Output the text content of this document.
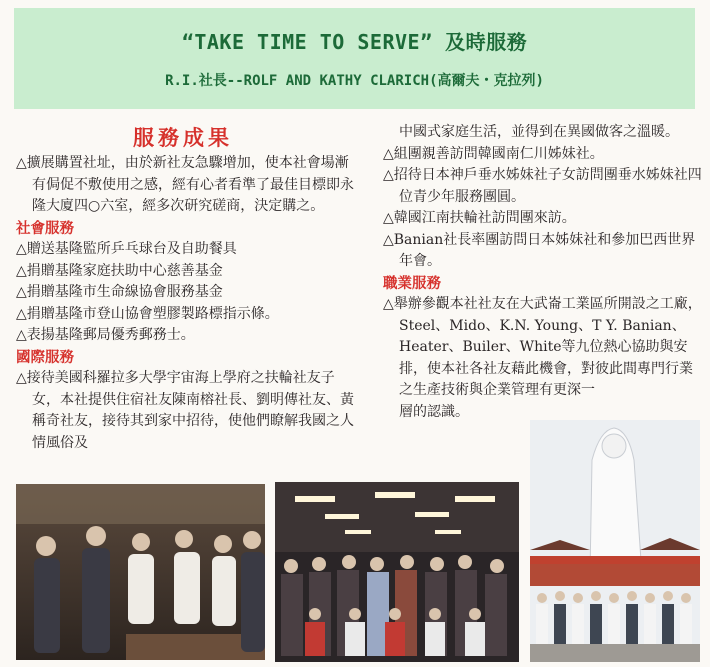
“TAKE TIME TO SERVE” 及時服務
R.I.社長--ROLF AND KATHY CLARICH(高爾夫・克拉列)
服務成果
△擴展購置社址，由於新社友急驟增加，使本社會場漸有侷促不敷使用之感，經有心者看準了最佳目標即永隆大廈四○六室，經多次研究磋商，決定購之。
社會服務
△贈送基隆監所乒乓球台及自助餐具
△捐贈基隆家庭扶助中心慈善基金
△捐贈基隆市生命線協會服務基金
△捐贈基隆市登山協會塑膠製路標指示條。
△表揚基隆郵局優秀郵務士。
國際服務
△接待美國科羅拉多大學宇宙海上學府之扶輪社友子女，本社提供住宿社友陳南榕社長、劉明傳社友、黃稱奇社友，接待其到家中招待，使他們瞭解我國之人情風俗及
中國式家庭生活，並得到在異國做客之溫暖。
△組團親善訪問韓國南仁川姊妹社。
△招待日本神戶垂水姊妹社子女訪問團垂水姊妹社四位青少年服務團圓。
△韓國江南扶輪社訪問團來訪。
△Banian社長率團訪問日本姊妹社和參加巴西世界年會。
職業服務
△舉辦參觀本社社友在大武崙工業區所開設之工廠，Steel、Mido、K.N. Young、T Y. Banian、Heater、Builer、White等九位熱心協助與安排，使本社各社友藉此機會，對彼此間專門行業之生產技術與企業管理有更深一
層的認識。
